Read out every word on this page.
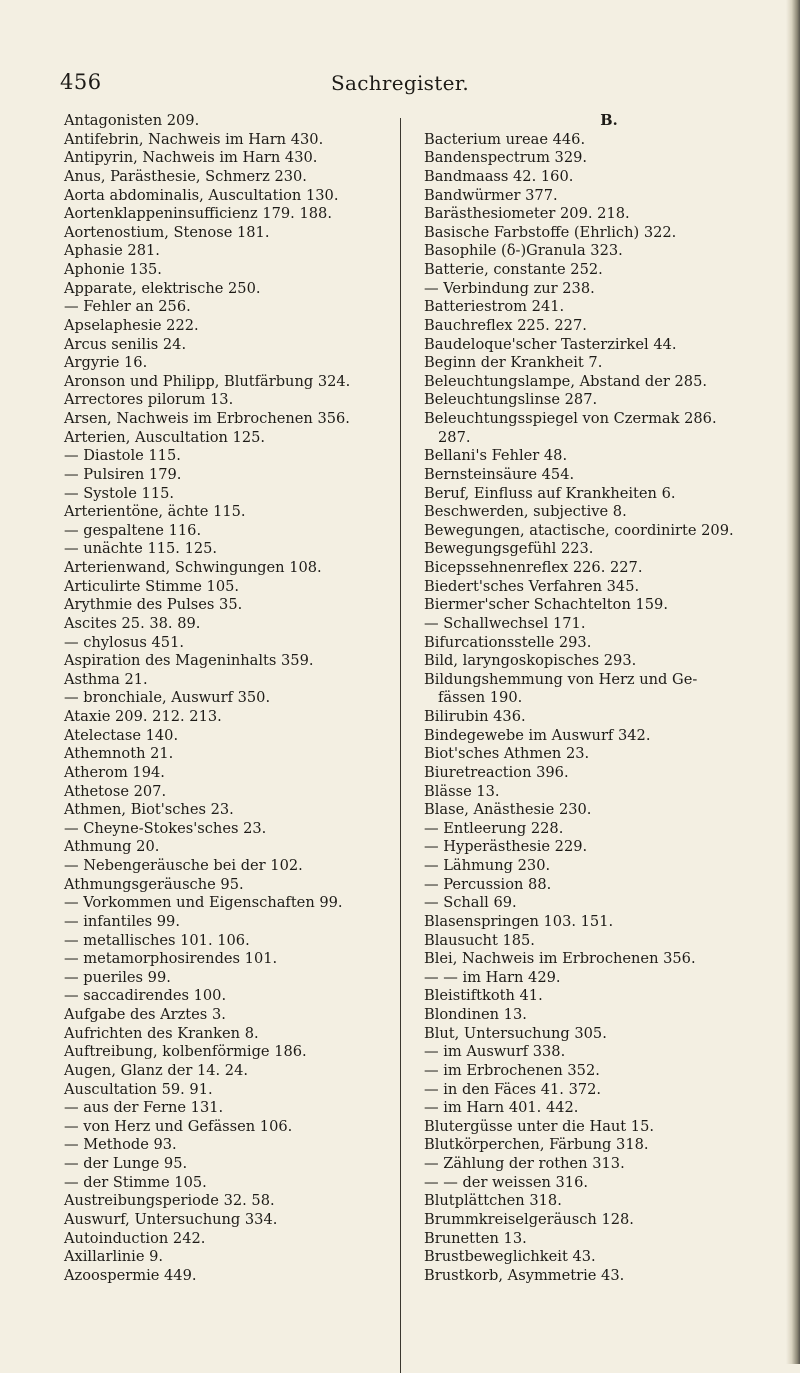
456	Sachregister.
Antagonisten 209.
Antifebrin, Nachweis im Harn 430.
Antipyrin, Nachweis im Harn 430.
Anus, Parästhesie, Schmerz 230.
Aorta abdominalis, Auscultation 130.
Aortenklappeninsufficienz 179. 188.
Aortenostium, Stenose 181.
Aphasie 281.
Aphonie 135.
Apparate, elektrische 250.
— Fehler an 256.
Apselaphesie 222.
Arcus senilis 24.
Argyrie 16.
Aronson und Philipp, Blutfärbung 324.
Arrectores pilorum 13.
Arsen, Nachweis im Erbrochenen 356.
Arterien, Auscultation 125.
— Diastole 115.
— Pulsiren 179.
— Systole 115.
Arterientöne, ächte 115.
— gespaltene 116.
— unächte 115. 125.
Arterienwand, Schwingungen 108.
Articulirte Stimme 105.
Arythmie des Pulses 35.
Ascites 25. 38. 89.
— chylosus 451.
Aspiration des Mageninhalts 359.
Asthma 21.
— bronchiale, Auswurf 350.
Ataxie 209. 212. 213.
Atelectase 140.
Athemnoth 21.
Atherom 194.
Athetose 207.
Athmen, Biot'sches 23.
— Cheyne-Stokes'sches 23.
Athmung 20.
— Nebengeräusche bei der 102.
Athmungsgeräusche 95.
— Vorkommen und Eigenschaften 99.
— infantiles 99.
— metallisches 101. 106.
— metamorphosirendes 101.
— pueriles 99.
— saccadirendes 100.
Aufgabe des Arztes 3.
Aufrichten des Kranken 8.
Auftreibung, kolbenförmige 186.
Augen, Glanz der 14. 24.
Auscultation 59. 91.
— aus der Ferne 131.
— von Herz und Gefässen 106.
— Methode 93.
— der Lunge 95.
— der Stimme 105.
Austreibungsperiode 32. 58.
Auswurf, Untersuchung 334.
Autoinduction 242.
Axillarlinie 9.
Azoospermie 449.
B.
Bacterium ureae 446.
Bandenspectrum 329.
Bandmaass 42. 160.
Bandwürmer 377.
Barästhesiometer 209. 218.
Basische Farbstoffe (Ehrlich) 322.
Basophile (δ-)Granula 323.
Batterie, constante 252.
— Verbindung zur 238.
Batteriestrom 241.
Bauchreflex 225. 227.
Baudeloque'scher Tasterzirkel 44.
Beginn der Krankheit 7.
Beleuchtungslampe, Abstand der 285.
Beleuchtungslinse 287.
Beleuchtungsspiegel von Czermak 286.
287.
Bellani's Fehler 48.
Bernsteinsäure 454.
Beruf, Einfluss auf Krankheiten 6.
Beschwerden, subjective 8.
Bewegungen, atactische, coordinirte 209.
Bewegungsgefühl 223.
Bicepssehnenreflex 226. 227.
Biedert'sches Verfahren 345.
Biermer'scher Schachtelton 159.
— Schallwechsel 171.
Bifurcationsstelle 293.
Bild, laryngoskopisches 293.
Bildungshemmung von Herz und Ge-
fässen 190.
Bilirubin 436.
Bindegewebe im Auswurf 342.
Biot'sches Athmen 23.
Biuretreaction 396.
Blässe 13.
Blase, Anästhesie 230.
— Entleerung 228.
— Hyperästhesie 229.
— Lähmung 230.
— Percussion 88.
— Schall 69.
Blasenspringen 103. 151.
Blausucht 185.
Blei, Nachweis im Erbrochenen 356.
— — im Harn 429.
Bleistiftkoth 41.
Blondinen 13.
Blut, Untersuchung 305.
— im Auswurf 338.
— im Erbrochenen 352.
— in den Fäces 41. 372.
— im Harn 401. 442.
Blutergüsse unter die Haut 15.
Blutkörperchen, Färbung 318.
— Zählung der rothen 313.
— — der weissen 316.
Blutplättchen 318.
Brummkreiselgeräusch 128.
Brunetten 13.
Brustbeweglichkeit 43.
Brustkorb, Asymmetrie 43.
